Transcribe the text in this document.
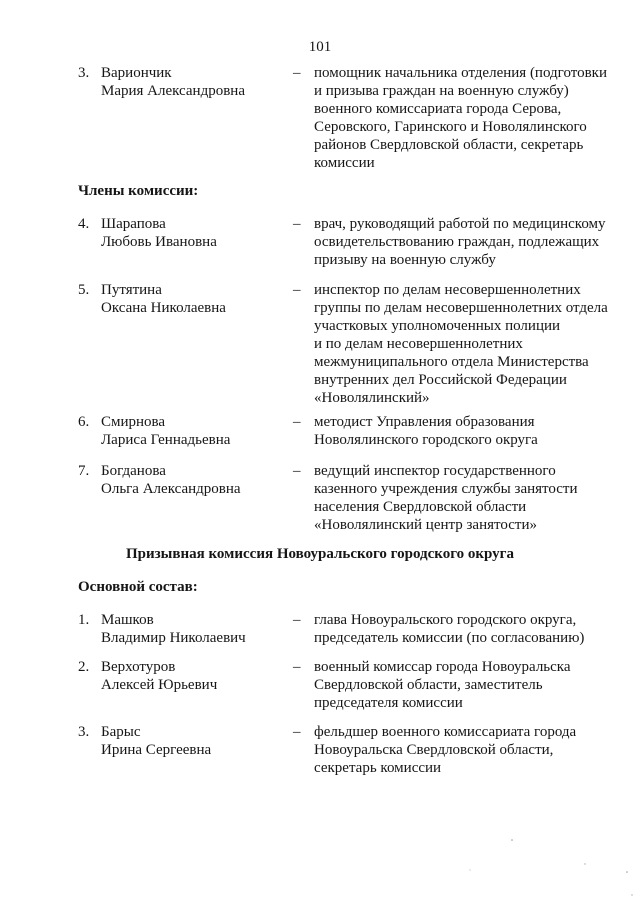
101
3. Вариончик
Мария Александровна
– помощник начальника отделения (подготовки
и призыва граждан на военную службу)
военного комиссариата города Серова,
Серовского, Гаринского и Новолялинского
районов Свердловской области, секретарь
комиссии
Члены комиссии:
4. Шарапова
Любовь Ивановна
– врач, руководящий работой по медицинскому
освидетельствованию граждан, подлежащих
призыву на военную службу
5. Путятина
Оксана Николаевна
– инспектор по делам несовершеннолетних
группы по делам несовершеннолетних отдела
участковых уполномоченных полиции
и по делам несовершеннолетних
межмуниципального отдела Министерства
внутренних дел Российской Федерации
«Новолялинский»
6. Смирнова
Лариса Геннадьевна
– методист Управления образования
Новолялинского городского округа
7. Богданова
Ольга Александровна
– ведущий инспектор государственного
казенного учреждения службы занятости
населения Свердловской области
«Новолялинский центр занятости»
Призывная комиссия Новоуральского городского округа
Основной состав:
1. Машков
Владимир Николаевич
– глава Новоуральского городского округа,
председатель комиссии (по согласованию)
2. Верхотуров
Алексей Юрьевич
– военный комиссар города Новоуральска
Свердловской области, заместитель
председателя комиссии
3. Барыс
Ирина Сергеевна
– фельдшер военного комиссариата города
Новоуральска Свердловской области,
секретарь комиссии
